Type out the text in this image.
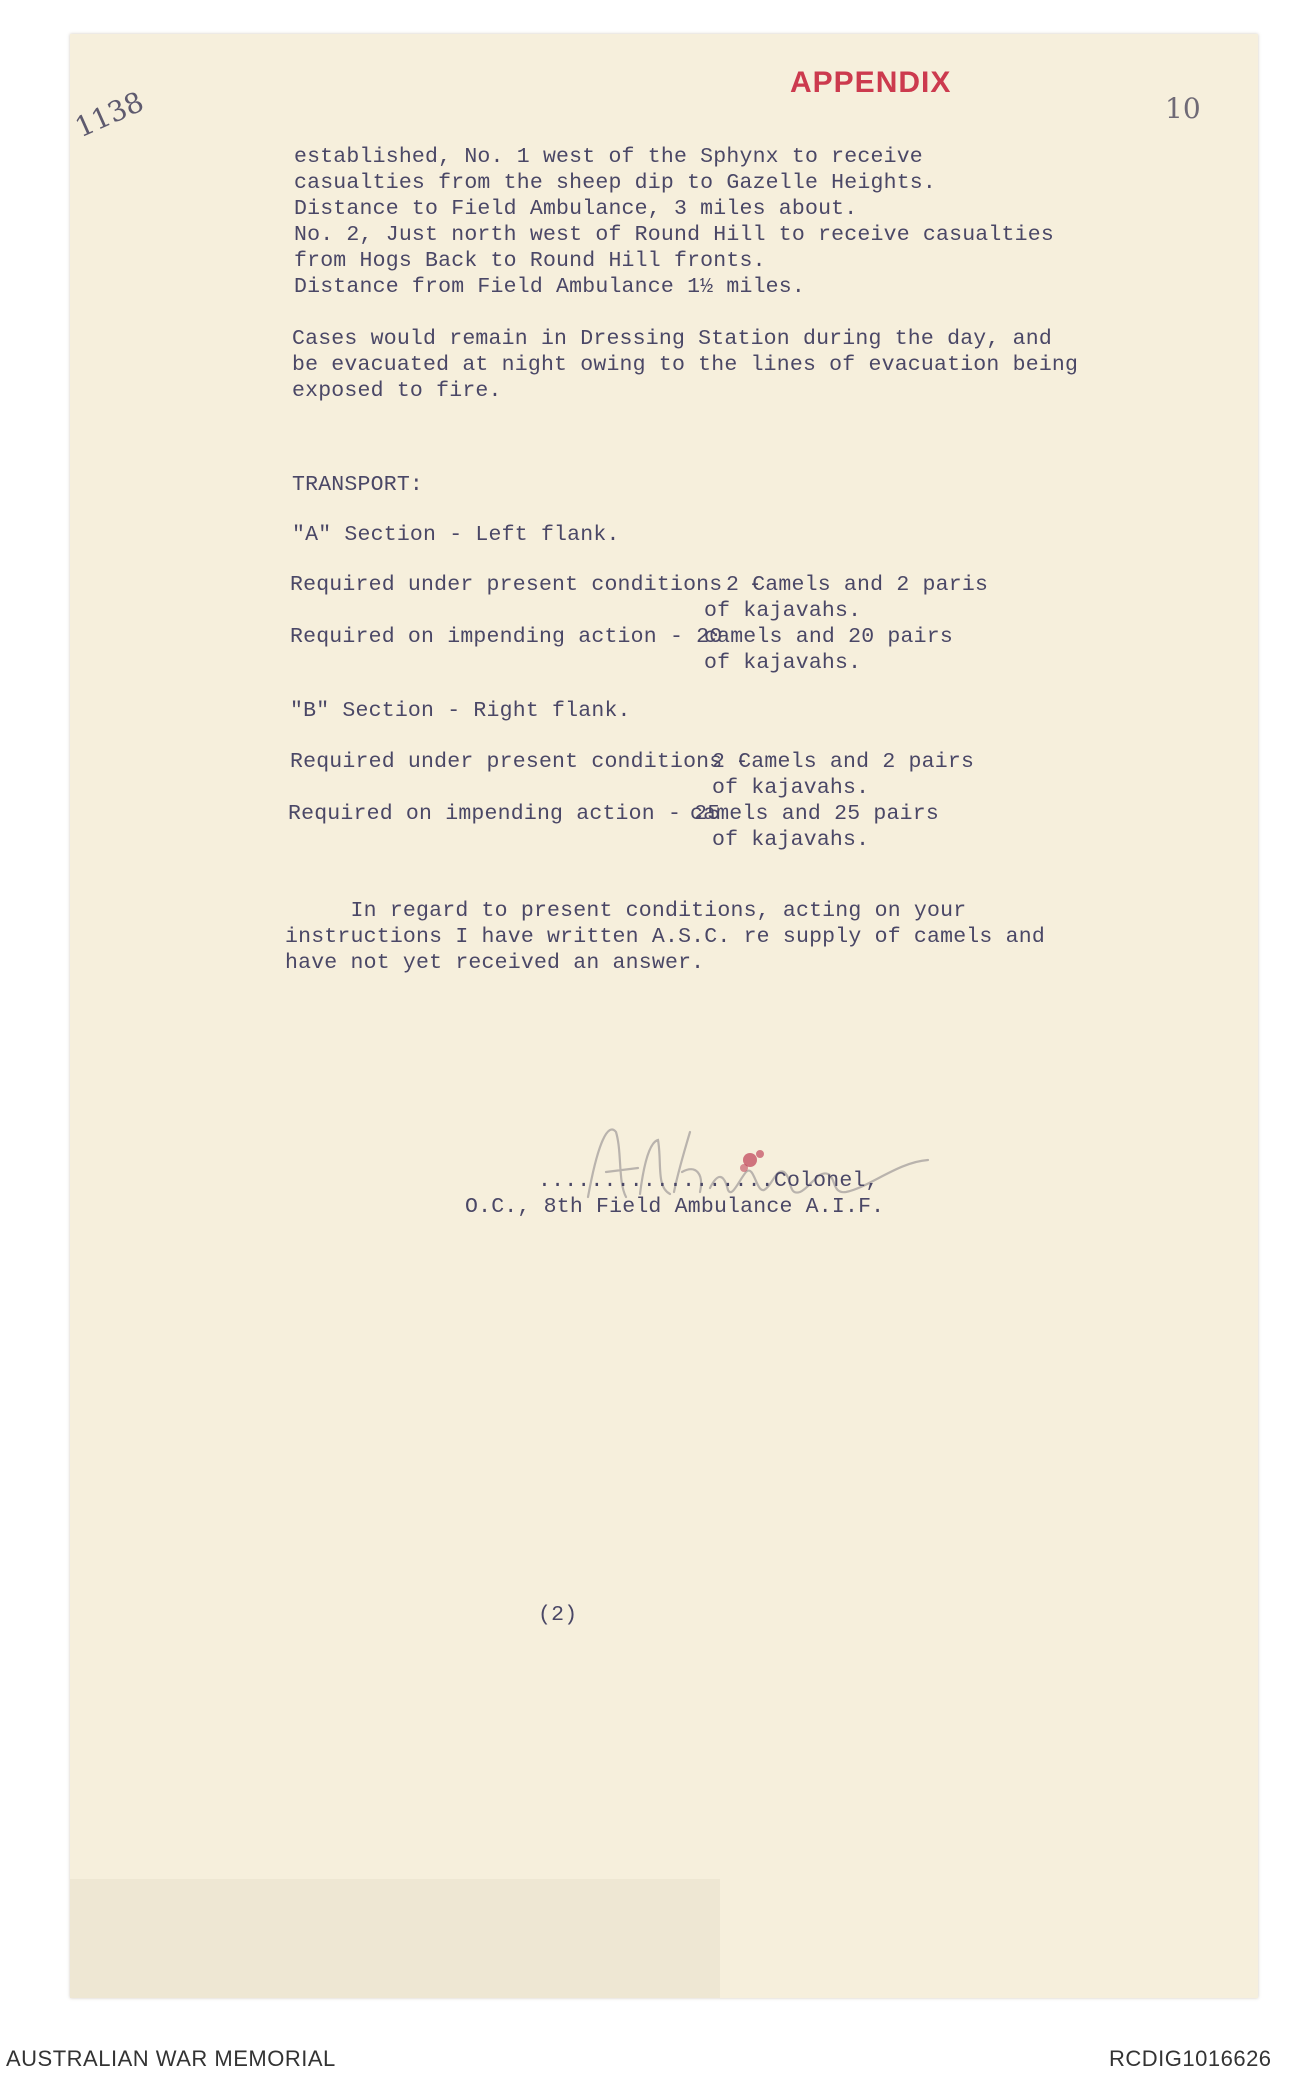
1138
APPENDIX
10
established, No. 1 west of the Sphynx to receive
casualties from the sheep dip to Gazelle Heights.
Distance to Field Ambulance, 3 miles about.
No. 2, Just north west of Round Hill to receive casualties
from Hogs Back to Round Hill fronts.
Distance from Field Ambulance 1½ miles.
Cases would remain in Dressing Station during the day, and
be evacuated at night owing to the lines of evacuation being
exposed to fire.
TRANSPORT:
"A" Section - Left flank.
Required under present conditions  -
2 Camels and 2 paris
of kajavahs.
Required on impending action - 20
camels and 20 pairs
of kajavahs.
"B" Section - Right flank.
Required under present conditions -
2 Camels and 2 pairs
of kajavahs.
Required on impending action - 25
camels and 25 pairs
of kajavahs.
In regard to present conditions, acting on your
instructions I have written A.S.C. re supply of camels and
have not yet received an answer.
..................Colonel,
O.C., 8th Field Ambulance A.I.F.
(2)
AUSTRALIAN WAR MEMORIAL	RCDIG1016626
